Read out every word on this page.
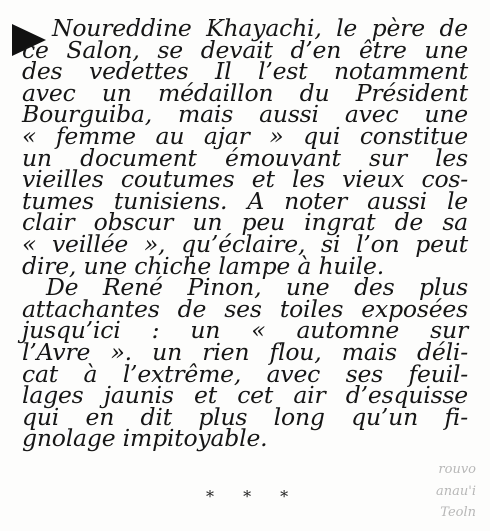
Noureddine Khayachi, le père de
ce Salon, se devait d’en être une
des vedettes Il l’est notamment
avec un médaillon du Président
Bourguiba, mais aussi avec une
« femme au ajar » qui constitue
un document émouvant sur les
vieilles coutumes et les vieux cos-
tumes tunisiens. A noter aussi le
clair obscur un peu ingrat de sa
« veillée », qu’éclaire, si l’on peut
dire, une chiche lampe à huile.
De René Pinon, une des plus
attachantes de ses toiles exposées
jusqu’ici : un « automne sur
l’Avre ». un rien flou, mais déli-
cat à l’extrême, avec ses feuil-
lages jaunis et cet air d’esquisse
qui en dit plus long qu’un fi-
gnolage impitoyable.
* * *
rouvo
anau'i
Teoln
